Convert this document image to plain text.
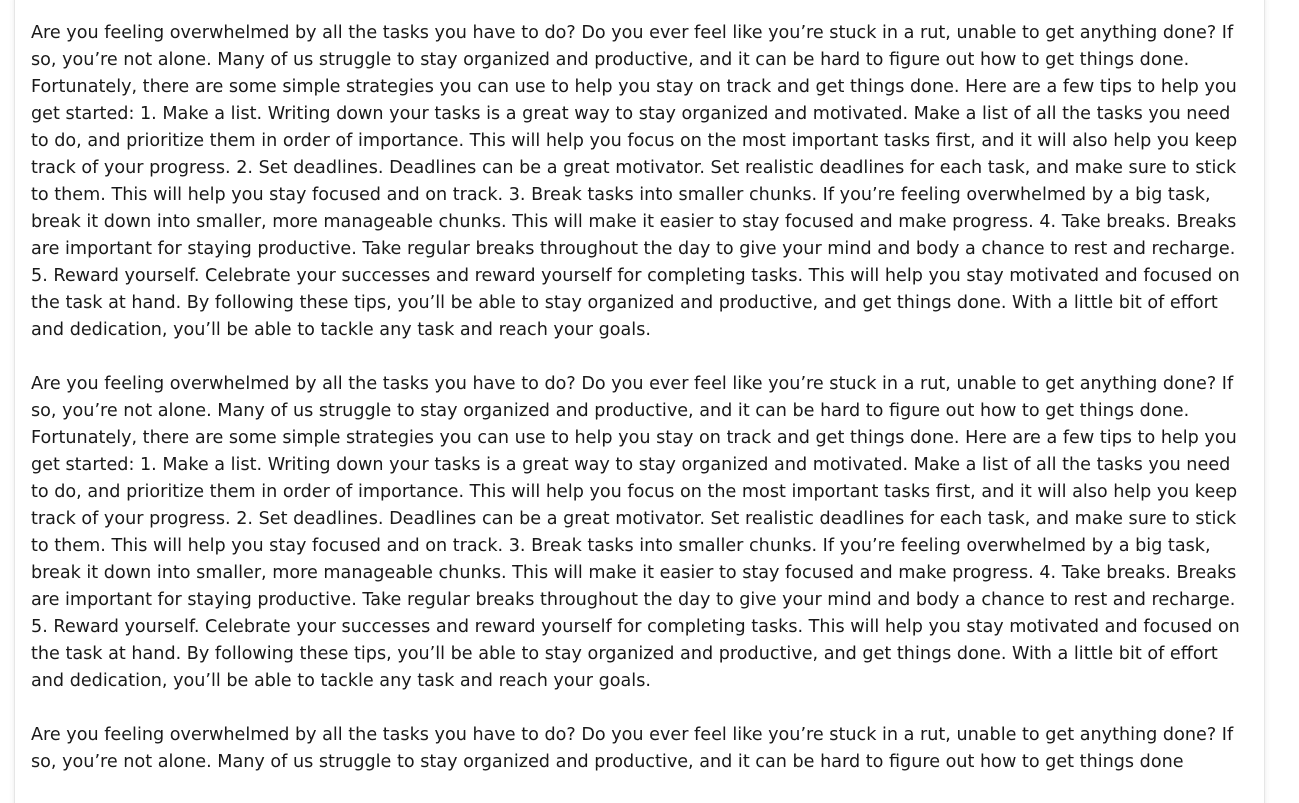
Are you feeling overwhelmed by all the tasks you have to do? Do you ever feel like you’re stuck in a rut, unable to get anything done? If so, you’re not alone. Many of us struggle to stay organized and productive, and it can be hard to figure out how to get things done. Fortunately, there are some simple strategies you can use to help you stay on track and get things done. Here are a few tips to help you get started: 1. Make a list. Writing down your tasks is a great way to stay organized and motivated. Make a list of all the tasks you need to do, and prioritize them in order of importance. This will help you focus on the most important tasks first, and it will also help you keep track of your progress. 2. Set deadlines. Deadlines can be a great motivator. Set realistic deadlines for each task, and make sure to stick to them. This will help you stay focused and on track. 3. Break tasks into smaller chunks. If you’re feeling overwhelmed by a big task, break it down into smaller, more manageable chunks. This will make it easier to stay focused and make progress. 4. Take breaks. Breaks are important for staying productive. Take regular breaks throughout the day to give your mind and body a chance to rest and recharge. 5. Reward yourself. Celebrate your successes and reward yourself for completing tasks. This will help you stay motivated and focused on the task at hand. By following these tips, you’ll be able to stay organized and productive, and get things done. With a little bit of effort and dedication, you’ll be able to tackle any task and reach your goals.

Are you feeling overwhelmed by all the tasks you have to do? Do you ever feel like you’re stuck in a rut, unable to get anything done? If so, you’re not alone. Many of us struggle to stay organized and productive, and it can be hard to figure out how to get things done. Fortunately, there are some simple strategies you can use to help you stay on track and get things done. Here are a few tips to help you get started: 1. Make a list. Writing down your tasks is a great way to stay organized and motivated. Make a list of all the tasks you need to do, and prioritize them in order of importance. This will help you focus on the most important tasks first, and it will also help you keep track of your progress. 2. Set deadlines. Deadlines can be a great motivator. Set realistic deadlines for each task, and make sure to stick to them. This will help you stay focused and on track. 3. Break tasks into smaller chunks. If you’re feeling overwhelmed by a big task, break it down into smaller, more manageable chunks. This will make it easier to stay focused and make progress. 4. Take breaks. Breaks are important for staying productive. Take regular breaks throughout the day to give your mind and body a chance to rest and recharge. 5. Reward yourself. Celebrate your successes and reward yourself for completing tasks. This will help you stay motivated and focused on the task at hand. By following these tips, you’ll be able to stay organized and productive, and get things done. With a little bit of effort and dedication, you’ll be able to tackle any task and reach your goals.

Are you feeling overwhelmed by all the tasks you have to do? Do you ever feel like you’re stuck in a rut, unable to get anything done? If so, you’re not alone. Many of us struggle to stay organized and productive, and it can be hard to figure out how to get things done
